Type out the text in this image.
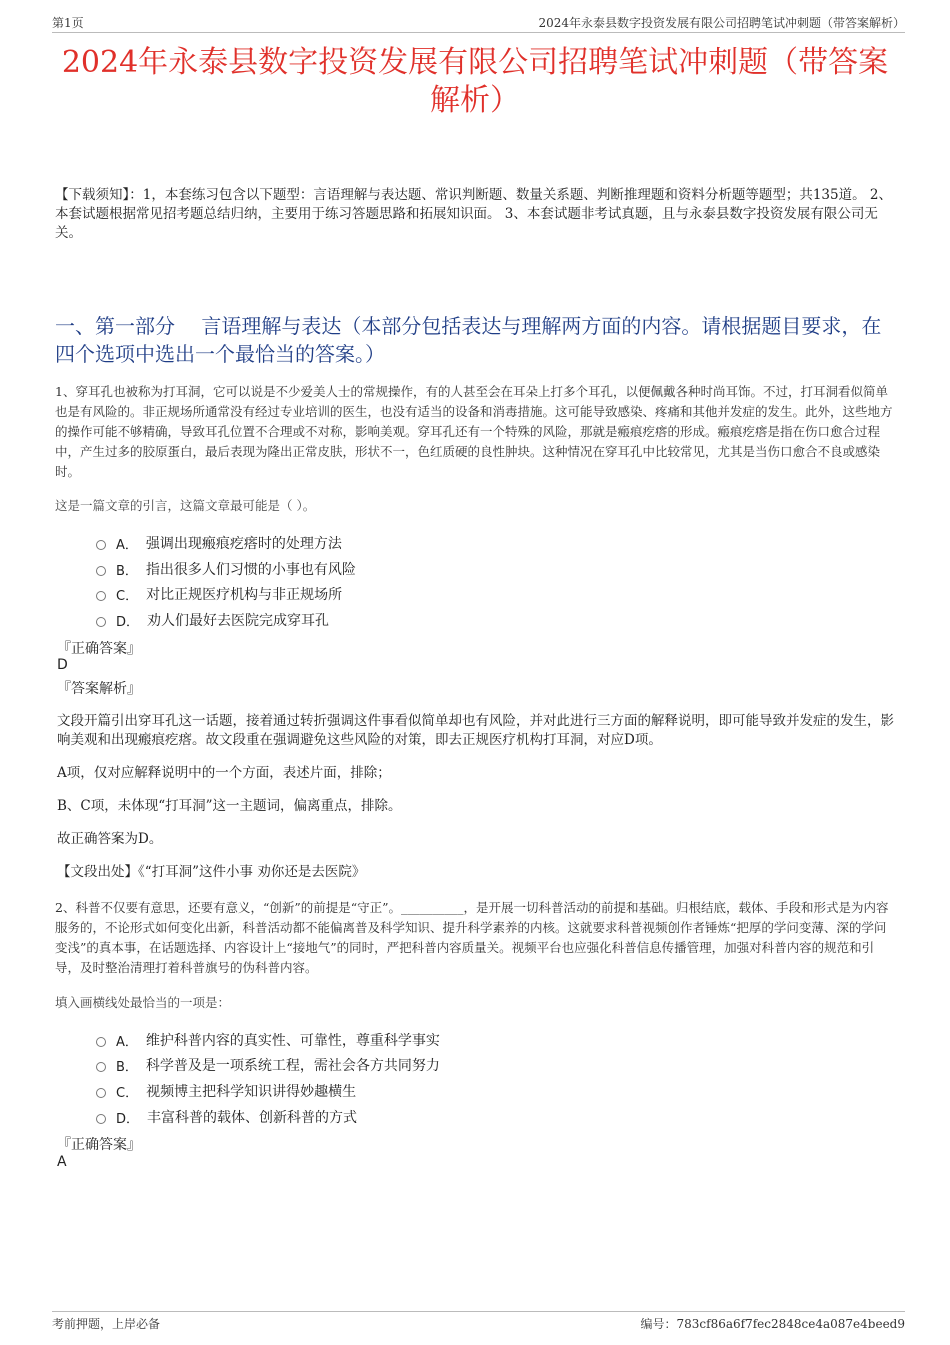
第1页	2024年永泰县数字投资发展有限公司招聘笔试冲刺题（带答案解析）
2024年永泰县数字投资发展有限公司招聘笔试冲刺题（带答案
解析）
【下载须知】：1，本套练习包含以下题型：言语理解与表达题、常识判断题、数量关系题、判断推理题和资料分析题等题型；共135道。 2、本套试题根据常见招考题总结归纳，主要用于练习答题思路和拓展知识面。 3、本套试题非考试真题，且与永泰县数字投资发展有限公司无关。
一、第一部分　 言语理解与表达（本部分包括表达与理解两方面的内容。请根据题目要求，在四个选项中选出一个最恰当的答案。）
1、穿耳孔也被称为打耳洞，它可以说是不少爱美人士的常规操作，有的人甚至会在耳朵上打多个耳孔，以便佩戴各种时尚耳饰。不过，打耳洞看似简单也是有风险的。非正规场所通常没有经过专业培训的医生，也没有适当的设备和消毒措施。这可能导致感染、疼痛和其他并发症的发生。此外，这些地方的操作可能不够精确，导致耳孔位置不合理或不对称，影响美观。穿耳孔还有一个特殊的风险，那就是瘢痕疙瘩的形成。瘢痕疙瘩是指在伤口愈合过程中，产生过多的胶原蛋白，最后表现为隆出正常皮肤，形状不一，色红质硬的良性肿块。这种情况在穿耳孔中比较常见，尤其是当伤口愈合不良或感染时。
这是一篇文章的引言，这篇文章最可能是（ ）。
A． 强调出现瘢痕疙瘩时的处理方法
B． 指出很多人们习惯的小事也有风险
C． 对比正规医疗机构与非正规场所
D． 劝人们最好去医院完成穿耳孔
『正确答案』
D
『答案解析』
文段开篇引出穿耳孔这一话题，接着通过转折强调这件事看似简单却也有风险，并对此进行三方面的解释说明，即可能导致并发症的发生，影响美观和出现瘢痕疙瘩。故文段重在强调避免这些风险的对策，即去正规医疗机构打耳洞，对应D项。
A项，仅对应解释说明中的一个方面，表述片面，排除；
B、C项，未体现“打耳洞”这一主题词，偏离重点，排除。
故正确答案为D。
【文段出处】《“打耳洞”这件小事 劝你还是去医院》
2、科普不仅要有意思，还要有意义，“创新”的前提是“守正”。__________，是开展一切科普活动的前提和基础。归根结底，载体、手段和形式是为内容服务的，不论形式如何变化出新，科普活动都不能偏离普及科学知识、提升科学素养的内核。这就要求科普视频创作者锤炼“把厚的学问变薄、深的学问变浅”的真本事，在话题选择、内容设计上“接地气”的同时，严把科普内容质量关。视频平台也应强化科普信息传播管理，加强对科普内容的规范和引导，及时整治清理打着科普旗号的伪科普内容。
填入画横线处最恰当的一项是：
A． 维护科普内容的真实性、可靠性，尊重科学事实
B． 科学普及是一项系统工程，需社会各方共同努力
C． 视频博主把科学知识讲得妙趣横生
D． 丰富科普的载体、创新科普的方式
『正确答案』
A
考前押题，上岸必备	编号：783cf86a6f7fec2848ce4a087e4beed9
